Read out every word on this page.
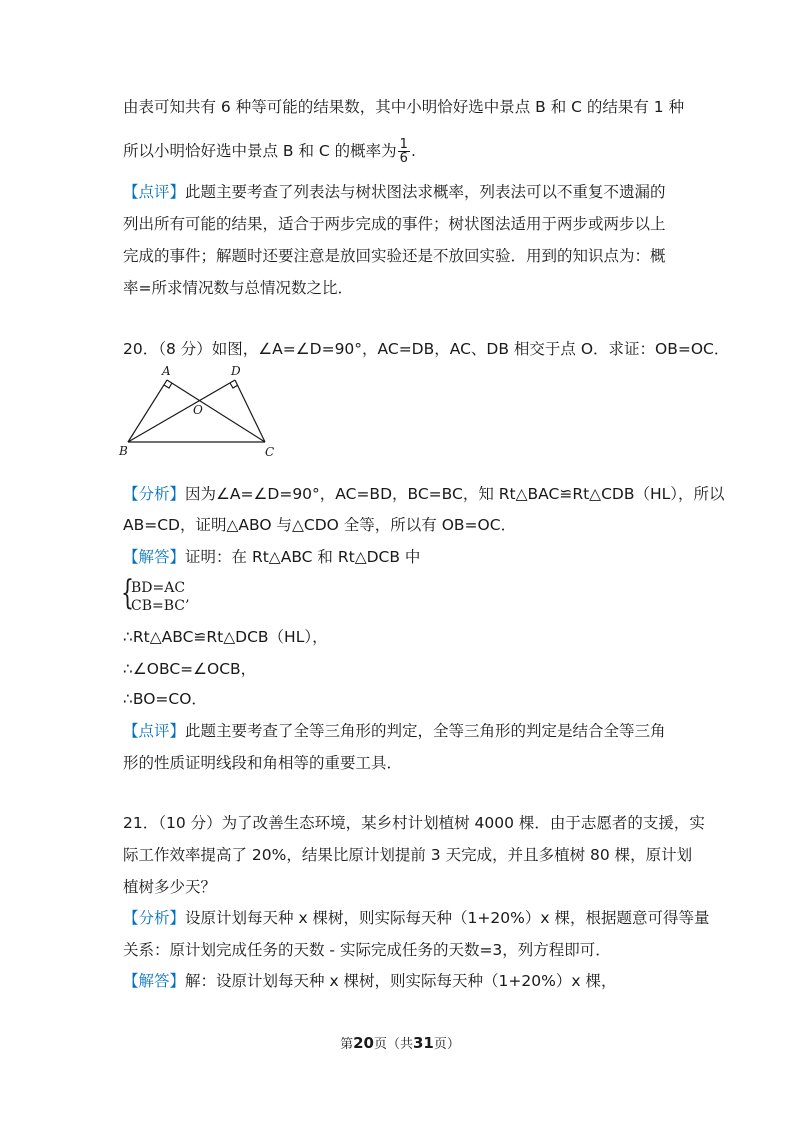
由表可知共有 6 种等可能的结果数，其中小明恰好选中景点 B 和 C 的结果有 1 种
所以小明恰好选中景点 B 和 C 的概率为 $\frac{1}{6}$ .
【点评】此题主要考查了列表法与树状图法求概率，列表法可以不重复不遗漏的
列出所有可能的结果，适合于两步完成的事件；树状图法适用于两步或两步以上
完成的事件；解题时还要注意是放回实验还是不放回实验．用到的知识点为：概
率=所求情况数与总情况数之比．
20．（8 分）如图，∠A=∠D=90°，AC=DB，AC、DB 相交于点 O．求证：OB=OC．
A	D
O
B	C
【分析】因为∠A=∠D=90°，AC=BD，BC=BC，知 Rt△BAC≌Rt△CDB（HL），所以
AB=CD，证明△ABO 与△CDO 全等，所以有 OB=OC．
【解答】证明：在 Rt△ABC 和 Rt△DCB 中
{
BD=AC
CB=BC’
∴Rt△ABC≌Rt△DCB（HL），
∴∠OBC=∠OCB，
∴BO=CO．
【点评】此题主要考查了全等三角形的判定，全等三角形的判定是结合全等三角
形的性质证明线段和角相等的重要工具．
21．（10 分）为了改善生态环境，某乡村计划植树 4000 棵．由于志愿者的支援，实
际工作效率提高了 20%，结果比原计划提前 3 天完成，并且多植树 80 棵，原计划
植树多少天？
【分析】设原计划每天种 x 棵树，则实际每天种（1+20%）x 棵，根据题意可得等量
关系：原计划完成任务的天数 - 实际完成任务的天数=3，列方程即可．
【解答】解：设原计划每天种 x 棵树，则实际每天种（1+20%）x 棵，
第20页（共31页）
